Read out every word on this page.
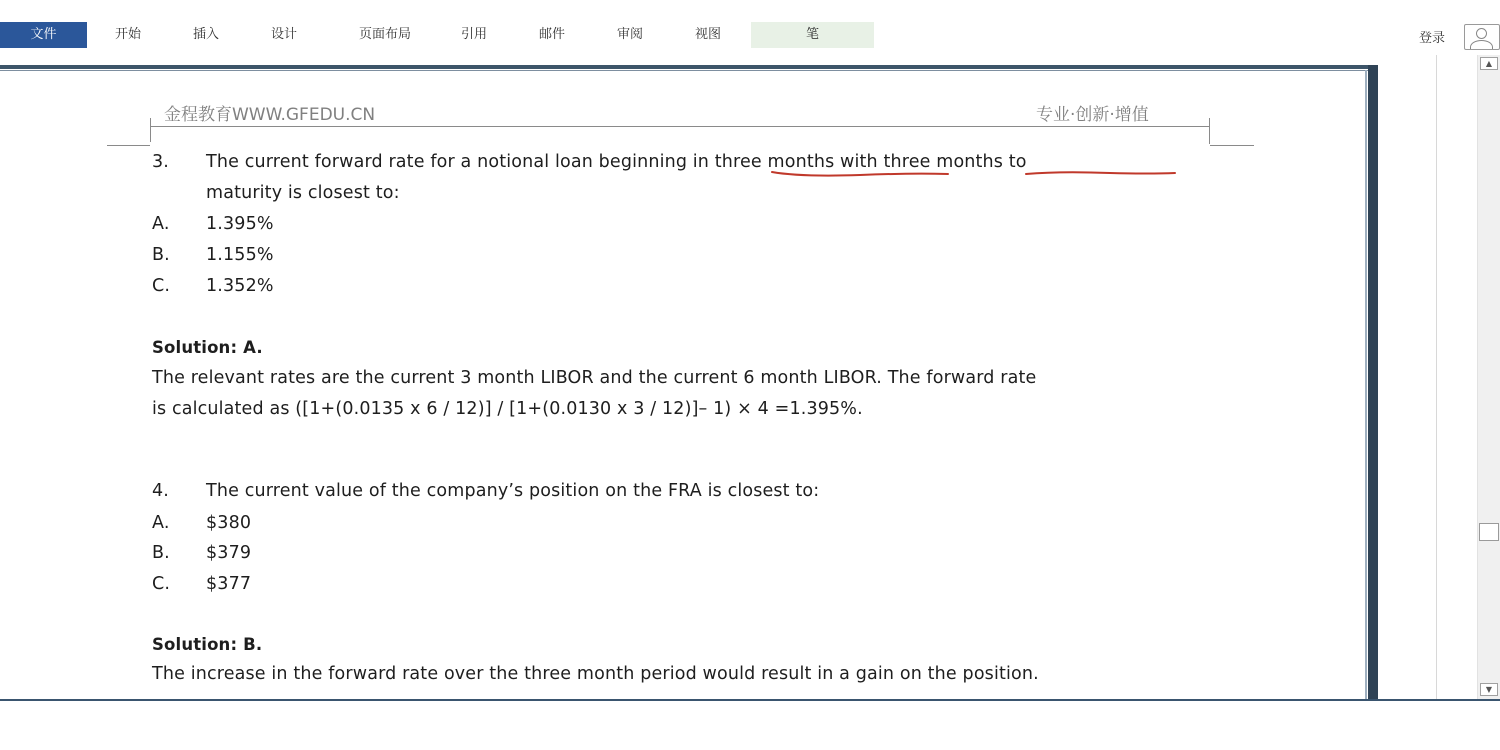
文件	开始	插入	设计	页面布局	引用	邮件	审阅	视图	笔	登录
▲
▼
金程教育WWW.GFEDU.CN	专业·创新·增值
3. The current forward rate for a notional loan beginning in three months with three months to
maturity is closest to:
A. 1.395%
B. 1.155%
C. 1.352%
Solution: A.
The relevant rates are the current 3 month LIBOR and the current 6 month LIBOR. The forward rate
is calculated as ([1+(0.0135 x 6 / 12)] / [1+(0.0130 x 3 / 12)]– 1) × 4 =1.395%.
4. The current value of the company’s position on the FRA is closest to:
A. $380
B. $379
C. $377
Solution: B.
The increase in the forward rate over the three month period would result in a gain on the position.
